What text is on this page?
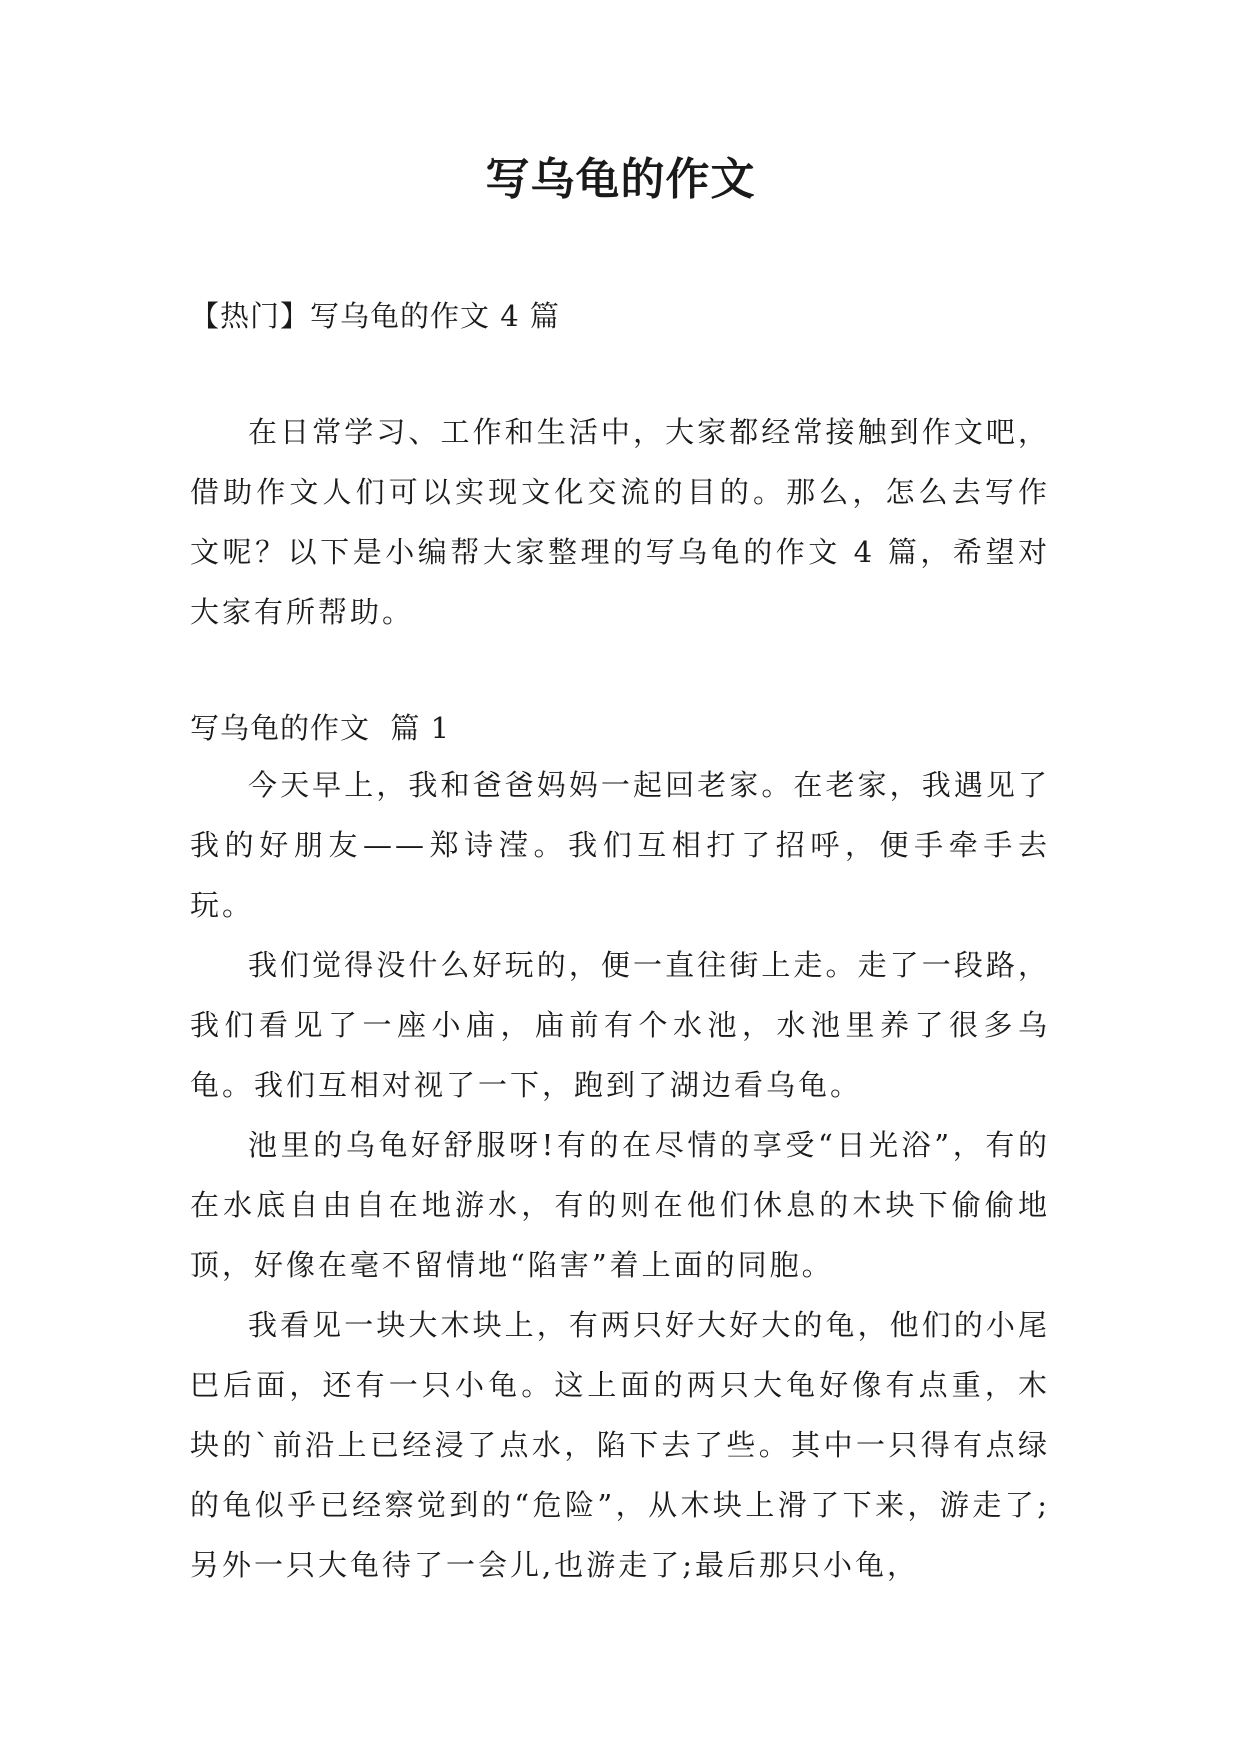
写乌龟的作文
【热门】写乌龟的作文 4 篇

在日常学习、工作和生活中，大家都经常接触到作文吧，借助作文人们可以实现文化交流的目的。那么，怎么去写作文呢？以下是小编帮大家整理的写乌龟的作文 4 篇，希望对大家有所帮助。

写乌龟的作文  篇 1

今天早上，我和爸爸妈妈一起回老家。在老家，我遇见了我的好朋友——郑诗滢。我们互相打了招呼，便手牵手去玩。

我们觉得没什么好玩的，便一直往街上走。走了一段路，我们看见了一座小庙，庙前有个水池，水池里养了很多乌龟。我们互相对视了一下，跑到了湖边看乌龟。

池里的乌龟好舒服呀!有的在尽情的享受“日光浴”，有的在水底自由自在地游水，有的则在他们休息的木块下偷偷地顶，好像在毫不留情地“陷害”着上面的同胞。

我看见一块大木块上，有两只好大好大的龟，他们的小尾巴后面，还有一只小龟。这上面的两只大龟好像有点重，木块的`前沿上已经浸了点水，陷下去了些。其中一只得有点绿的龟似乎已经察觉到的“危险”，从木块上滑了下来，游走了;另外一只大龟待了一会儿,也游走了;最后那只小龟，
